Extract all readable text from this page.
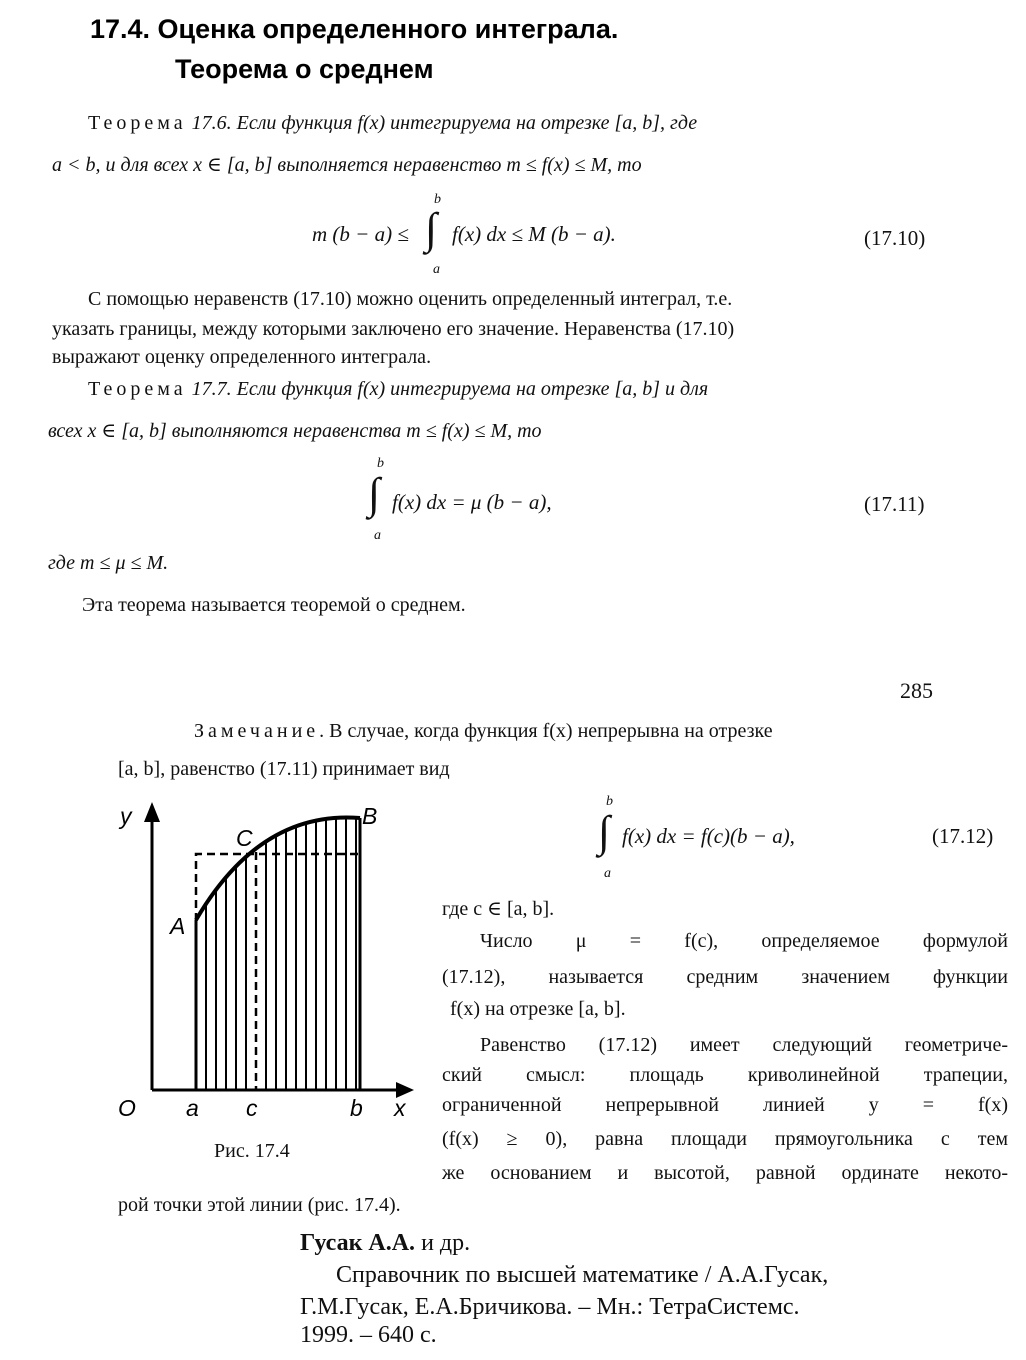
17.4. Оценка определенного интеграла.
Теорема о среднем
Теорема 17.6. Если функция f(x) интегрируема на отрезке [a, b], где
a < b, и для всех x ∈ [a, b] выполняется неравенство m ≤ f(x) ≤ M, то
m (b − a) ≤
b
∫
a
f(x) dx ≤ M (b − a).	(17.10)
С помощью неравенств (17.10) можно оценить определенный интеграл, т.е.
указать границы, между которыми заключено его значение. Неравенства (17.10)
выражают оценку определенного интеграла.
Теорема 17.7. Если функция f(x) интегрируема на отрезке [a, b] и для
всех x ∈ [a, b] выполняются неравенства m ≤ f(x) ≤ M, то
b
∫
a
f(x) dx = μ (b − a),	(17.11)
где m ≤ μ ≤ M.
Эта теорема называется теоремой о среднем.
285
Замечание. В случае, когда функция f(x) непрерывна на отрезке
[a, b], равенство (17.11) принимает вид
y
x
O a c	b
A
B
C
Рис. 17.4
b
∫
a
f(x) dx = f(c)(b − a),	(17.12)
где c ∈ [a, b].
Число μ = f(c), определяемое формулой
(17.12), называется средним значением функции
f(x) на отрезке [a, b].
Равенство (17.12) имеет следующий геометриче-
ский смысл: площадь криволинейной трапеции,
ограниченной непрерывной линией y = f(x)
(f(x) ≥ 0), равна площади прямоугольника с тем
же основанием и высотой, равной ординате некото-
рой точки этой линии (рис. 17.4).
Гусак А.А. и др.
Справочник по высшей математике / А.А.Гусак,
Г.М.Гусак, Е.А.Бричикова. – Мн.: ТетраСистемс.
1999. – 640 с.
